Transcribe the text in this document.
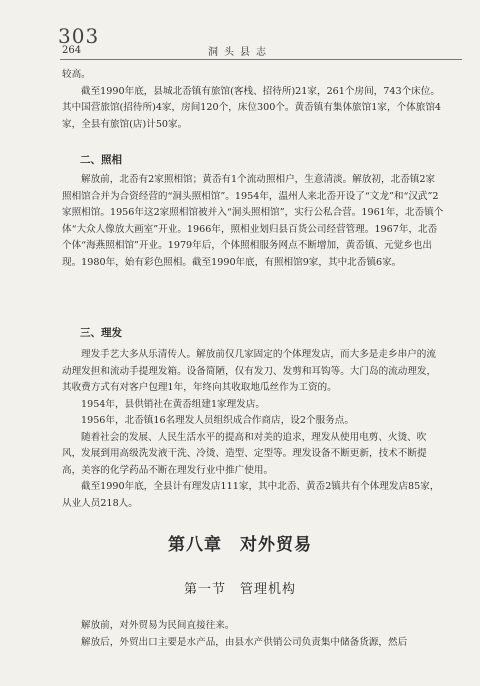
303
264	洞头县志

较高。

截至1990年底，县城北岙镇有旅馆(客栈、招待所)21家，261个房间，743个床位。其中国营旅馆(招待所)4家，房间120个，床位300个。黄岙镇有集体旅馆1家，个体旅馆4家，全县有旅馆(店)计50家。

二、照相

解放前，北岙有2家照相馆；黄岙有1个流动照相户，生意清淡。解放初，北岙镇2家照相馆合并为合资经营的“洞头照相馆”。1954年，温州人来北岙开设了“文龙”和“汉武”2家照相馆。1956年这2家照相馆被并入“洞头照相馆”，实行公私合营。1961年，北岙镇个体“大众人像放大画室”开业。1966年，照相业划归县百货公司经营管理。1967年，北岙个体“海燕照相馆”开业。1979年后，个体照相服务网点不断增加，黄岙镇、元觉乡也出现。1980年，始有彩色照相。截至1990年底，有照相馆9家，其中北岙镇6家。

三、理发

理发手艺大多从乐清传人。解放前仅几家固定的个体理发店，而大多是走乡串户的流动理发担和流动手提理发箱。设备简陋，仅有发刀、发剪和耳钩等。大门岛的流动理发，其收费方式有对客户包理1年，年终向其收取地瓜丝作为工资的。

1954年，县供销社在黄岙组建1家理发店。

1956年，北岙镇16名理发人员组织成合作商店，设2个服务点。

随着社会的发展、人民生活水平的提高和对美的追求，理发从使用电剪、火烫、吹风，发展到用高级洗发液干洗、冷烫、造型、定型等。理发设备不断更新，技术不断提高，美容的化学药品不断在理发行业中推广使用。

截至1990年底，全县计有理发店111家，其中北岙、黄岙2镇共有个体理发店85家，从业人员218人。

第八章　对外贸易
第一节　管理机构

解放前，对外贸易为民间直接往来。

解放后，外贸出口主要是水产品，由县水产供销公司负责集中储备货源，然后
